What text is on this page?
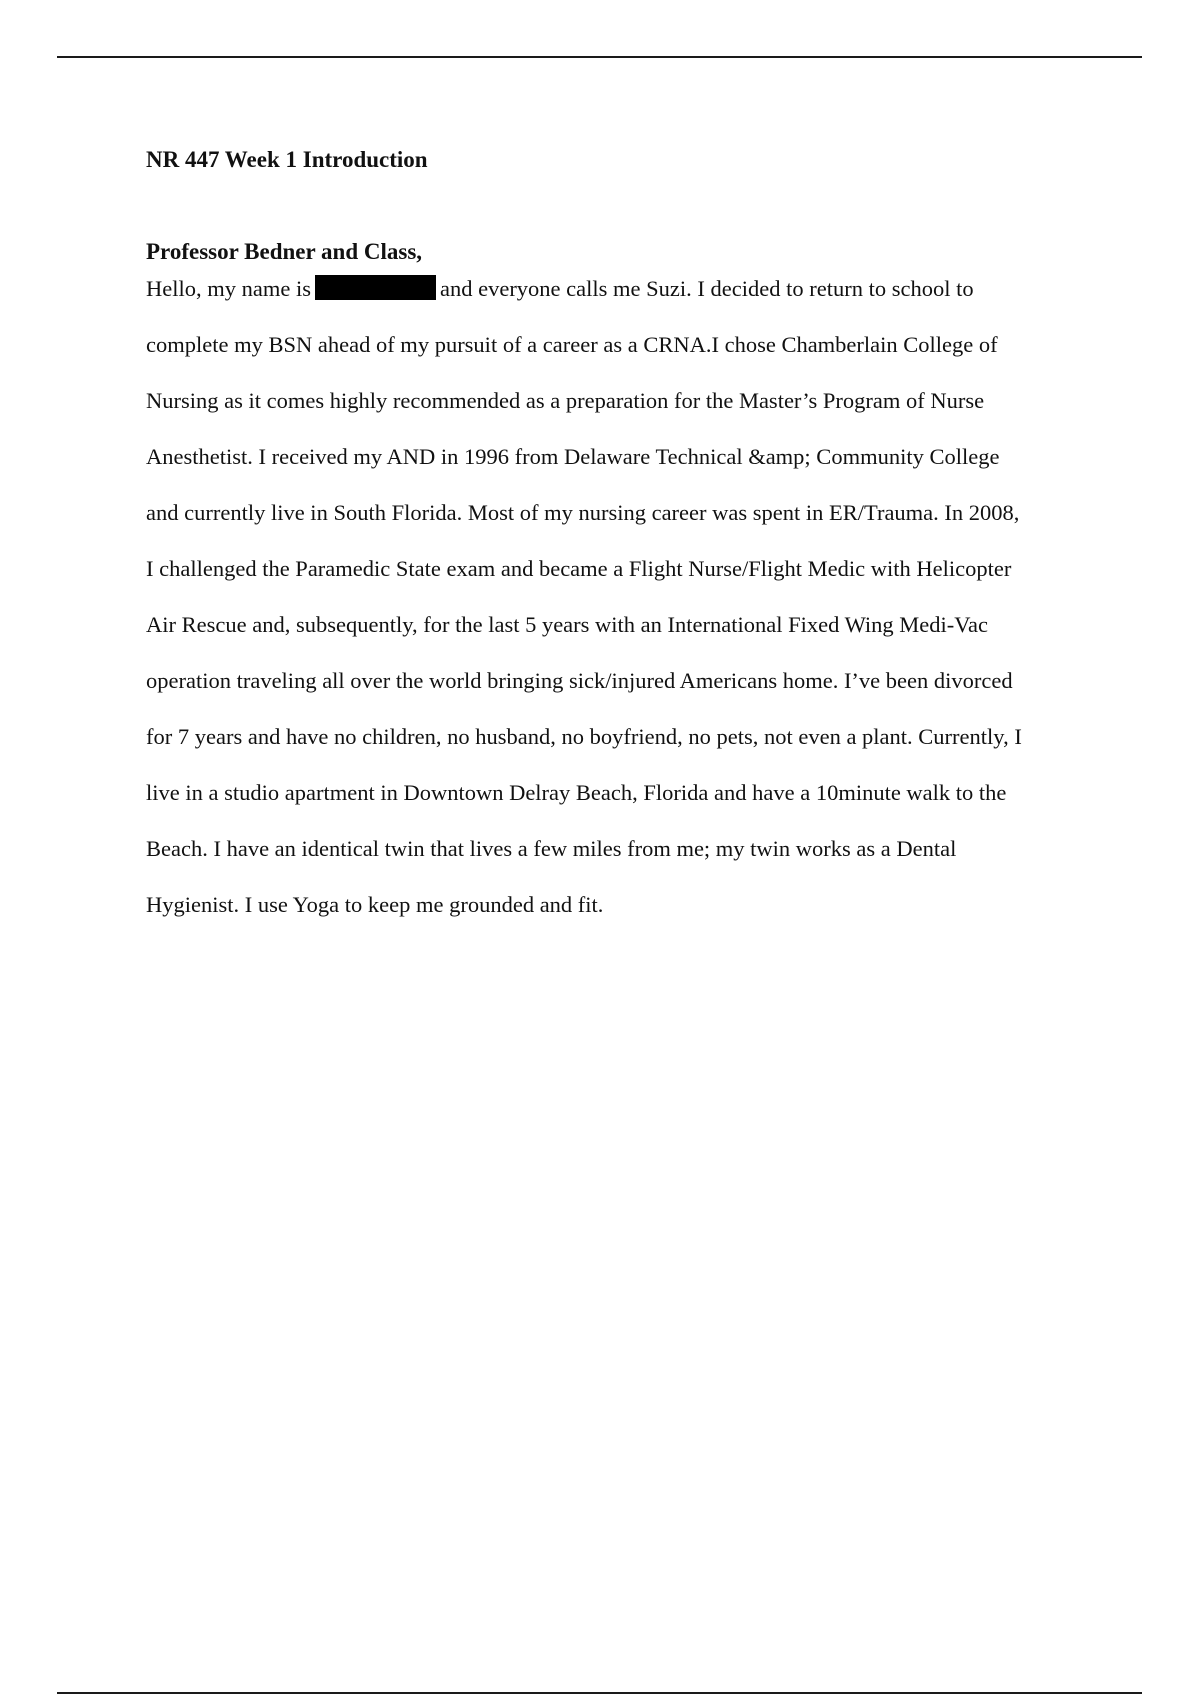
NR 447 Week 1 Introduction

Professor Bedner and Class,

Hello, my name is	and everyone calls me Suzi. I decided to return to school to
complete my BSN ahead of my pursuit of a career as a CRNA.I chose Chamberlain College of
Nursing as it comes highly recommended as a preparation for the Master’s Program of Nurse
Anesthetist. I received my AND in 1996 from Delaware Technical &amp; Community College
and currently live in South Florida. Most of my nursing career was spent in ER/Trauma. In 2008,
I challenged the Paramedic State exam and became a Flight Nurse/Flight Medic with Helicopter
Air Rescue and, subsequently, for the last 5 years with an International Fixed Wing Medi-Vac
operation traveling all over the world bringing sick/injured Americans home. I’ve been divorced
for 7 years and have no children, no husband, no boyfriend, no pets, not even a plant. Currently, I
live in a studio apartment in Downtown Delray Beach, Florida and have a 10minute walk to the
Beach. I have an identical twin that lives a few miles from me; my twin works as a Dental
Hygienist. I use Yoga to keep me grounded and fit.
